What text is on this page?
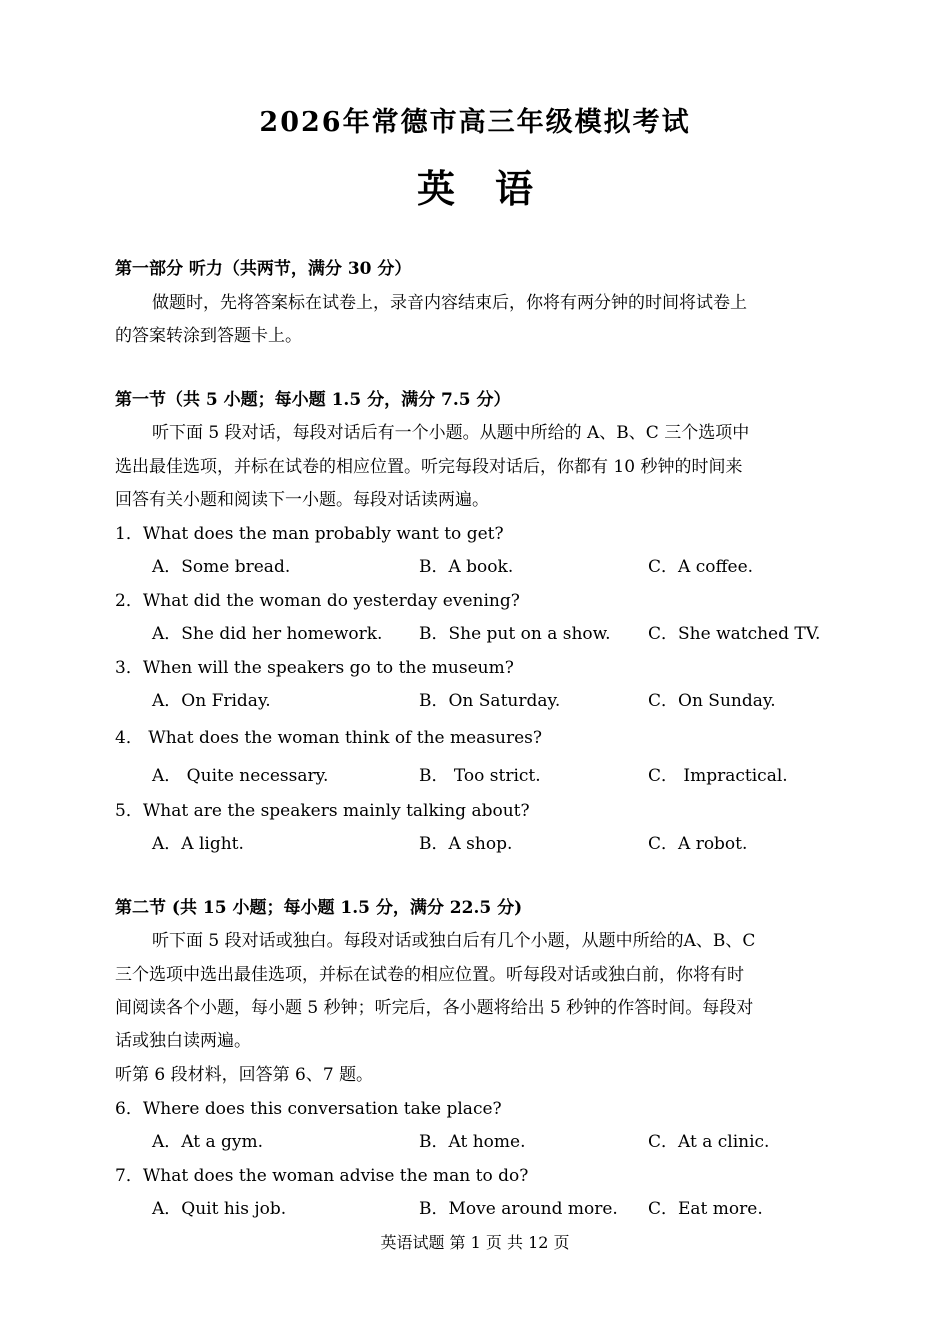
2026年常德市高三年级模拟考试
英语
第一部分 听力（共两节，满分 30 分）
做题时，先将答案标在试卷上，录音内容结束后，你将有两分钟的时间将试卷上
的答案转涂到答题卡上。
第一节（共 5 小题；每小题 1.5 分，满分 7.5 分）
听下面 5 段对话，每段对话后有一个小题。从题中所给的 A、B、C 三个选项中
选出最佳选项，并标在试卷的相应位置。听完每段对话后，你都有 10 秒钟的时间来
回答有关小题和阅读下一小题。每段对话读两遍。
1．What does the man probably want to get?
A．Some bread.	B．A book.	C．A coffee.
2．What did the woman do yesterday evening?
A．She did her homework. B．She put on a show. C．She watched TV.
3．When will the speakers go to the museum?
A．On Friday.	B．On Saturday.	C．On Sunday.
4． What does the woman think of the measures?
A． Quite necessary.	B． Too strict.	C． Impractical.
5．What are the speakers mainly talking about?
A．A light.	B．A shop.	C．A robot.
第二节 (共 15 小题；每小题 1.5 分，满分 22.5 分)
听下面 5 段对话或独白。每段对话或独白后有几个小题，从题中所给的A、B、C
三个选项中选出最佳选项，并标在试卷的相应位置。听每段对话或独白前，你将有时
间阅读各个小题，每小题 5 秒钟；听完后，各小题将给出 5 秒钟的作答时间。每段对
话或独白读两遍。
听第 6 段材料，回答第 6、7 题。
6．Where does this conversation take place?
A．At a gym.	B．At home.	C．At a clinic.
7．What does the woman advise the man to do?
A．Quit his job.	B．Move around more. C．Eat more.
英语试题 第 1 页 共 12 页
